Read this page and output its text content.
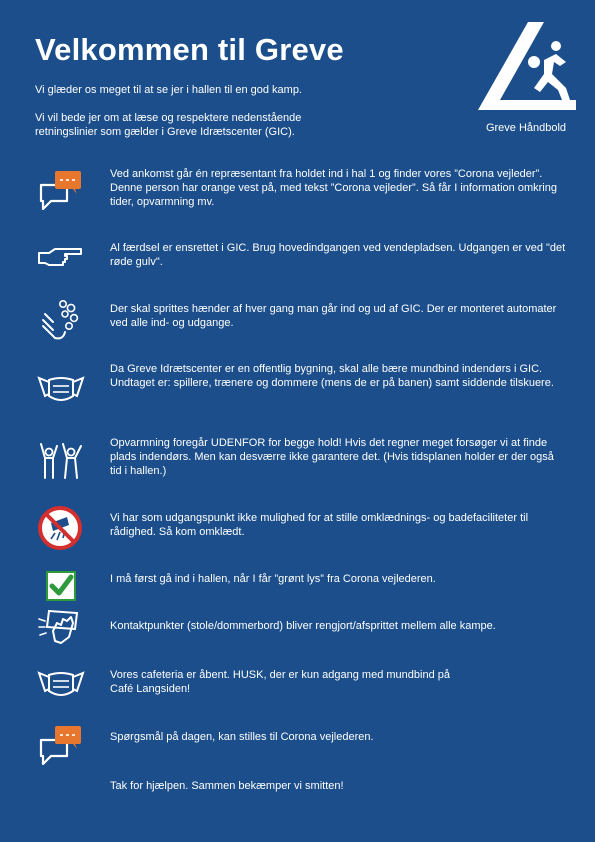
Velkommen til Greve
Vi glæder os meget til at se jer i hallen til en god kamp.
Vi vil bede jer om at læse og respektere nedenstående retningslinier som gælder i Greve Idrætscenter (GIC).	Greve Håndbold
Ved ankomst går én repræsentant fra holdet ind i hal 1 og finder vores ”Corona vejleder”. Denne person har orange vest på, med tekst ”Corona vejleder”. Så får I information omkring tider, opvarmning mv.
Al færdsel er ensrettet i GIC. Brug hovedindgangen ved vendepladsen. Udgangen er ved "det røde gulv".
Der skal sprittes hænder af hver gang man går ind og ud af GIC. Der er monteret automater ved alle ind- og udgange.
Da Greve Idrætscenter er en offentlig bygning, skal alle bære mundbind indendørs i GIC. Undtaget er: spillere, trænere og dommere (mens de er på banen) samt siddende tilskuere.
Opvarmning foregår UDENFOR for begge hold! Hvis det regner meget forsøger vi at finde plads indendørs. Men kan desværre ikke garantere det. (Hvis tidsplanen holder er der også tid i hallen.)
Vi har som udgangspunkt ikke mulighed for at stille omklædnings- og badefaciliteter til rådighed. Så kom omklædt.
I må først gå ind i hallen, når I får ”grønt lys” fra Corona vejlederen.
Kontaktpunkter (stole/dommerbord) bliver rengjort/afsprittet mellem alle kampe.
Vores cafeteria er åbent. HUSK, der er kun adgang med mundbind på Café Langsiden!
Spørgsmål på dagen, kan stilles til Corona vejlederen.
Tak for hjælpen. Sammen bekæmper vi smitten!
